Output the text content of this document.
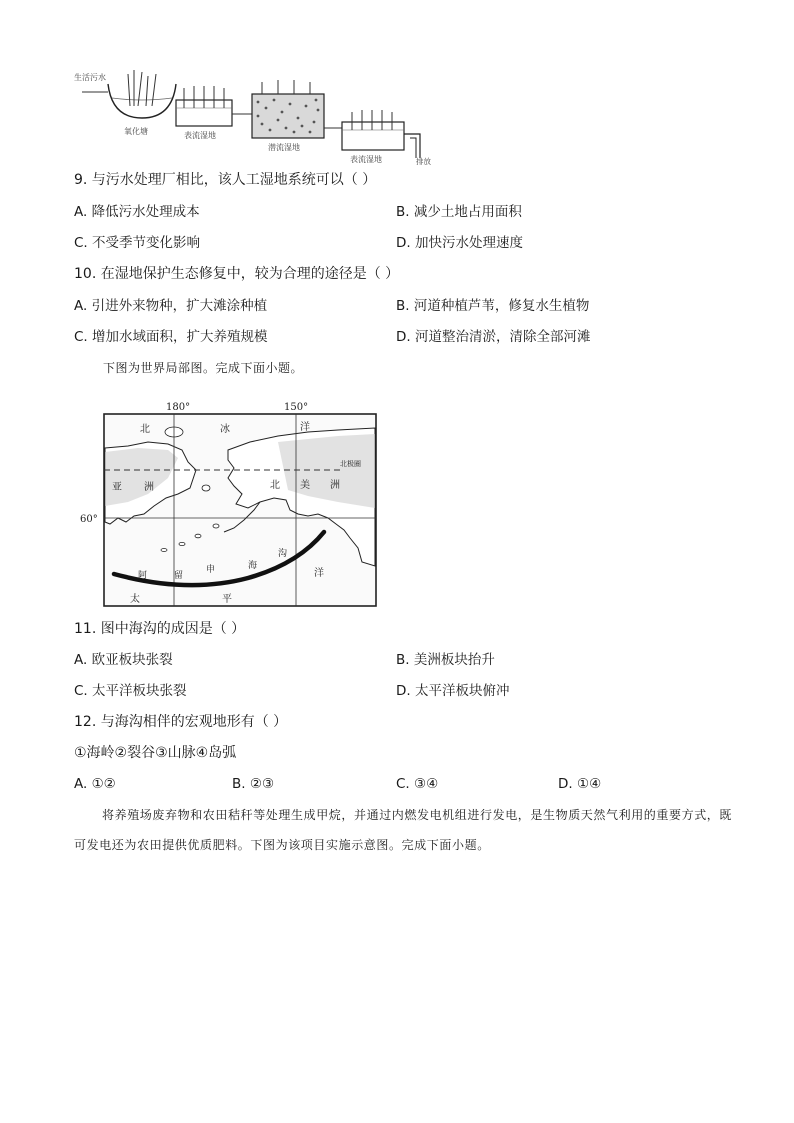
生活污水
氧化塘	表流湿地
潜流湿地
表流湿地	排放
9. 与污水处理厂相比，该人工湿地系统可以（ ）
A. 降低污水处理成本	B. 减少土地占用面积
C. 不受季节变化影响	D. 加快污水处理速度
10. 在湿地保护生态修复中，较为合理的途径是（ ）
A. 引进外来物种，扩大滩涂种植	B. 河道种植芦苇，修复水生植物
C. 增加水域面积，扩大养殖规模	D. 河道整治清淤，清除全部河滩
下图为世界局部图。完成下面小题。
180°	150°
60°
北极圈
北	冰	洋
亚 洲	北 美 洲
阿	留
申	海
沟
太	平
洋
11. 图中海沟的成因是（ ）
A. 欧亚板块张裂	B. 美洲板块抬升
C. 太平洋板块张裂	D. 太平洋板块俯冲
12. 与海沟相伴的宏观地形有（ ）
①海岭②裂谷③山脉④岛弧
A. ①②	B. ②③	C. ③④	D. ①④
将养殖场废弃物和农田秸秆等处理生成甲烷，并通过内燃发电机组进行发电，是生物质天然气利用的重要方式，既可发电还为农田提供优质肥料。下图为该项目实施示意图。完成下面小题。
